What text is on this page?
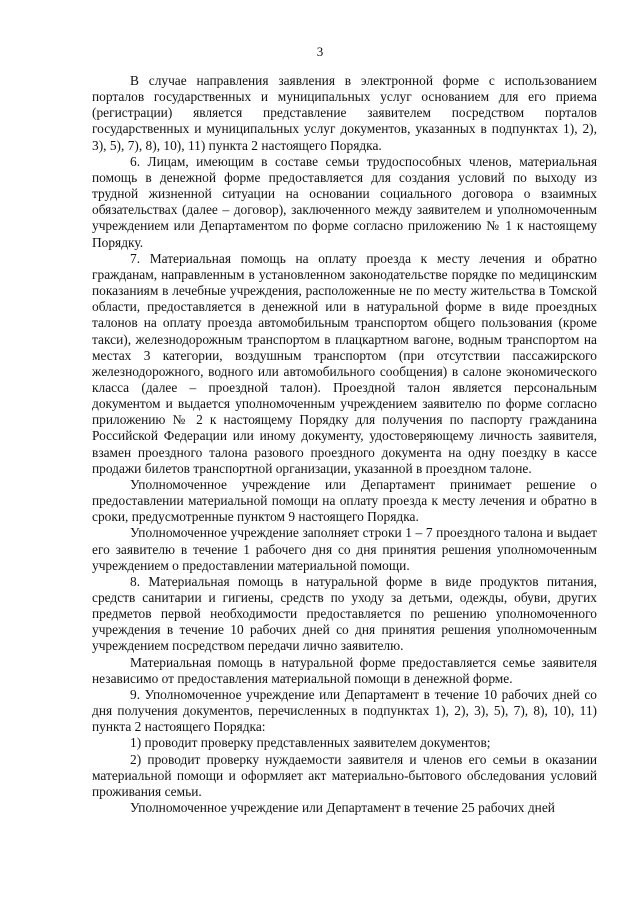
3

В случае направления заявления в электронной форме с использованием порталов государственных и муниципальных услуг основанием для его приема (регистрации) является представление заявителем посредством порталов государственных и муниципальных услуг документов, указанных в подпунктах 1), 2), 3), 5), 7), 8), 10), 11) пункта 2 настоящего Порядка.

6. Лицам, имеющим в составе семьи трудоспособных членов, материальная помощь в денежной форме предоставляется для создания условий по выходу из трудной жизненной ситуации на основании социального договора о взаимных обязательствах (далее – договор), заключенного между заявителем и уполномоченным учреждением или Департаментом по форме согласно приложению № 1 к настоящему Порядку.

7. Материальная помощь на оплату проезда к месту лечения и обратно гражданам, направленным в установленном законодательстве порядке по медицинским показаниям в лечебные учреждения, расположенные не по месту жительства в Томской области, предоставляется в денежной или в натуральной форме в виде проездных талонов на оплату проезда автомобильным транспортом общего пользования (кроме такси), железнодорожным транспортом в плацкартном вагоне, водным транспортом на местах 3 категории, воздушным транспортом (при отсутствии пассажирского железнодорожного, водного или автомобильного сообщения) в салоне экономического класса (далее – проездной талон). Проездной талон является персональным документом и выдается уполномоченным учреждением заявителю по форме согласно приложению № 2 к настоящему Порядку для получения по паспорту гражданина Российской Федерации или иному документу, удостоверяющему личность заявителя, взамен проездного талона разового проездного документа на одну поездку в кассе продажи билетов транспортной организации, указанной в проездном талоне.

Уполномоченное учреждение или Департамент принимает решение о предоставлении материальной помощи на оплату проезда к месту лечения и обратно в сроки, предусмотренные пунктом 9 настоящего Порядка.

Уполномоченное учреждение заполняет строки 1 – 7 проездного талона и выдает его заявителю в течение 1 рабочего дня со дня принятия решения уполномоченным учреждением о предоставлении материальной помощи.

8. Материальная помощь в натуральной форме в виде продуктов питания, средств санитарии и гигиены, средств по уходу за детьми, одежды, обуви, других предметов первой необходимости предоставляется по решению уполномоченного учреждения в течение 10 рабочих дней со дня принятия решения уполномоченным учреждением посредством передачи лично заявителю.

Материальная помощь в натуральной форме предоставляется семье заявителя независимо от предоставления материальной помощи в денежной форме.

9. Уполномоченное учреждение или Департамент в течение 10 рабочих дней со дня получения документов, перечисленных в подпунктах 1), 2), 3), 5), 7), 8), 10), 11) пункта 2 настоящего Порядка:

1) проводит проверку представленных заявителем документов;

2) проводит проверку нуждаемости заявителя и членов его семьи в оказании материальной помощи и оформляет акт материально-бытового обследования условий проживания семьи.

Уполномоченное учреждение или Департамент в течение 25 рабочих дней
